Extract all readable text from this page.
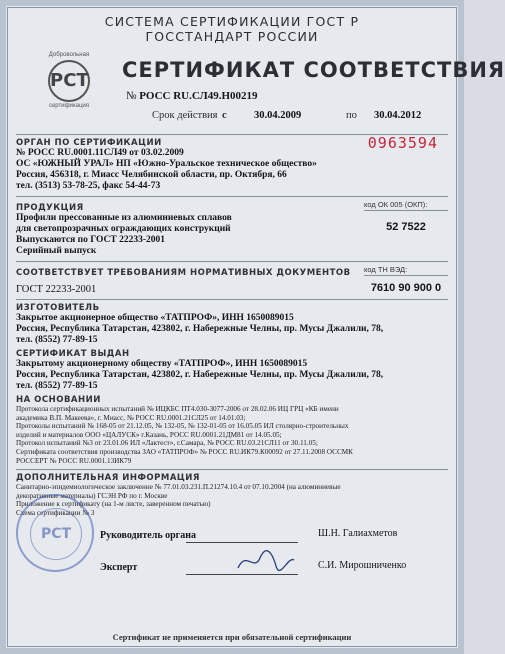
СИСТЕМА СЕРТИФИКАЦИИ ГОСТ Р
ГОССТАНДАРТ РОССИИ
Добровольная
РСТ
сертификация
СЕРТИФИКАТ СООТВЕТСТВИЯ
№ РОСС RU.СЛ49.Н00219
Срок действия с	30.04.2009	по 30.04.2012
0963594
ОРГАН ПО СЕРТИФИКАЦИИ
№ РОСС RU.0001.11СЛ49 от 03.02.2009
ОС «ЮЖНЫЙ УРАЛ» НП «Южно-Уральское техническое общество»
Россия, 456318, г. Миасс Челябинской области, пр. Октября, 66
тел. (3513) 53-78-25, факс 54-44-73
ПРОДУКЦИЯ
Профили прессованные из алюминиевых сплавов
для светопрозрачных ограждающих конструкций
Выпускаются по ГОСТ 22233-2001
Серийный выпуск
код ОК 005 (ОКП):
52 7522
СООТВЕТСТВУЕТ ТРЕБОВАНИЯМ НОРМАТИВНЫХ ДОКУМЕНТОВ
ГОСТ 22233-2001
код ТН ВЭД:
7610 90 900 0
ИЗГОТОВИТЕЛЬ
Закрытое акционерное общество «ТАТПРОФ», ИНН 1650089015
Россия, Республика Татарстан, 423802, г. Набережные Челны, пр. Мусы Джалили, 78,
тел. (8552) 77-89-15
СЕРТИФИКАТ ВЫДАН
Закрытому акционерному обществу «ТАТПРОФ», ИНН 1650089015
Россия, Республика Татарстан, 423802, г. Набережные Челны, пр. Мусы Джалили, 78,
тел. (8552) 77-89-15
НА ОСНОВАНИИ
Протокола сертификационных испытаний № ИЦКБС ПТ4.030-3077-2006 от 28.02.06 ИЦ ГРЦ «КБ имени
академика В.П. Макеева», г. Миасс, № РОСС RU.0001.21СЛ25 от 14.01.03;
Протоколы испытаний № 168-05 от 21.12.05, № 132-05, № 132-01-05 от 16.05.05 ИЛ столярно-строительных
изделий и материалов ООО «ЦАЛУСК» г.Казань, РОСС RU.0001.21ДМ81 от 14.05.05;
Протокол испытаний №3 от 23.01.06 ИЛ «Лактест», г.Самара, № РОСС RU.03.21СЛ11 от 30.11.05;
Сертификата соответствия производства ЗАО «ТАТПРОФ» № РОСС RU.ИК79.К00092 от 27.11.2008 ОССМК
РОССЕРТ № РОСС RU.0001.13ИК79
ДОПОЛНИТЕЛЬНАЯ ИНФОРМАЦИЯ
Санитарно-эпидемиологическое заключение № 77.01.03.231.П.21274.10.4 от 07.10.2004 (на алюминиевые
декоративные материалы) ГСЭН РФ по г. Москве
Приложение к сертификату (на 1-м листе, заверенном печатью)
Схема сертификации № 3
РСТ	Руководитель органа	Ш.Н. Галиахметов
Эксперт	С.И. Мирошниченко
Сертификат не применяется при обязательной сертификации
